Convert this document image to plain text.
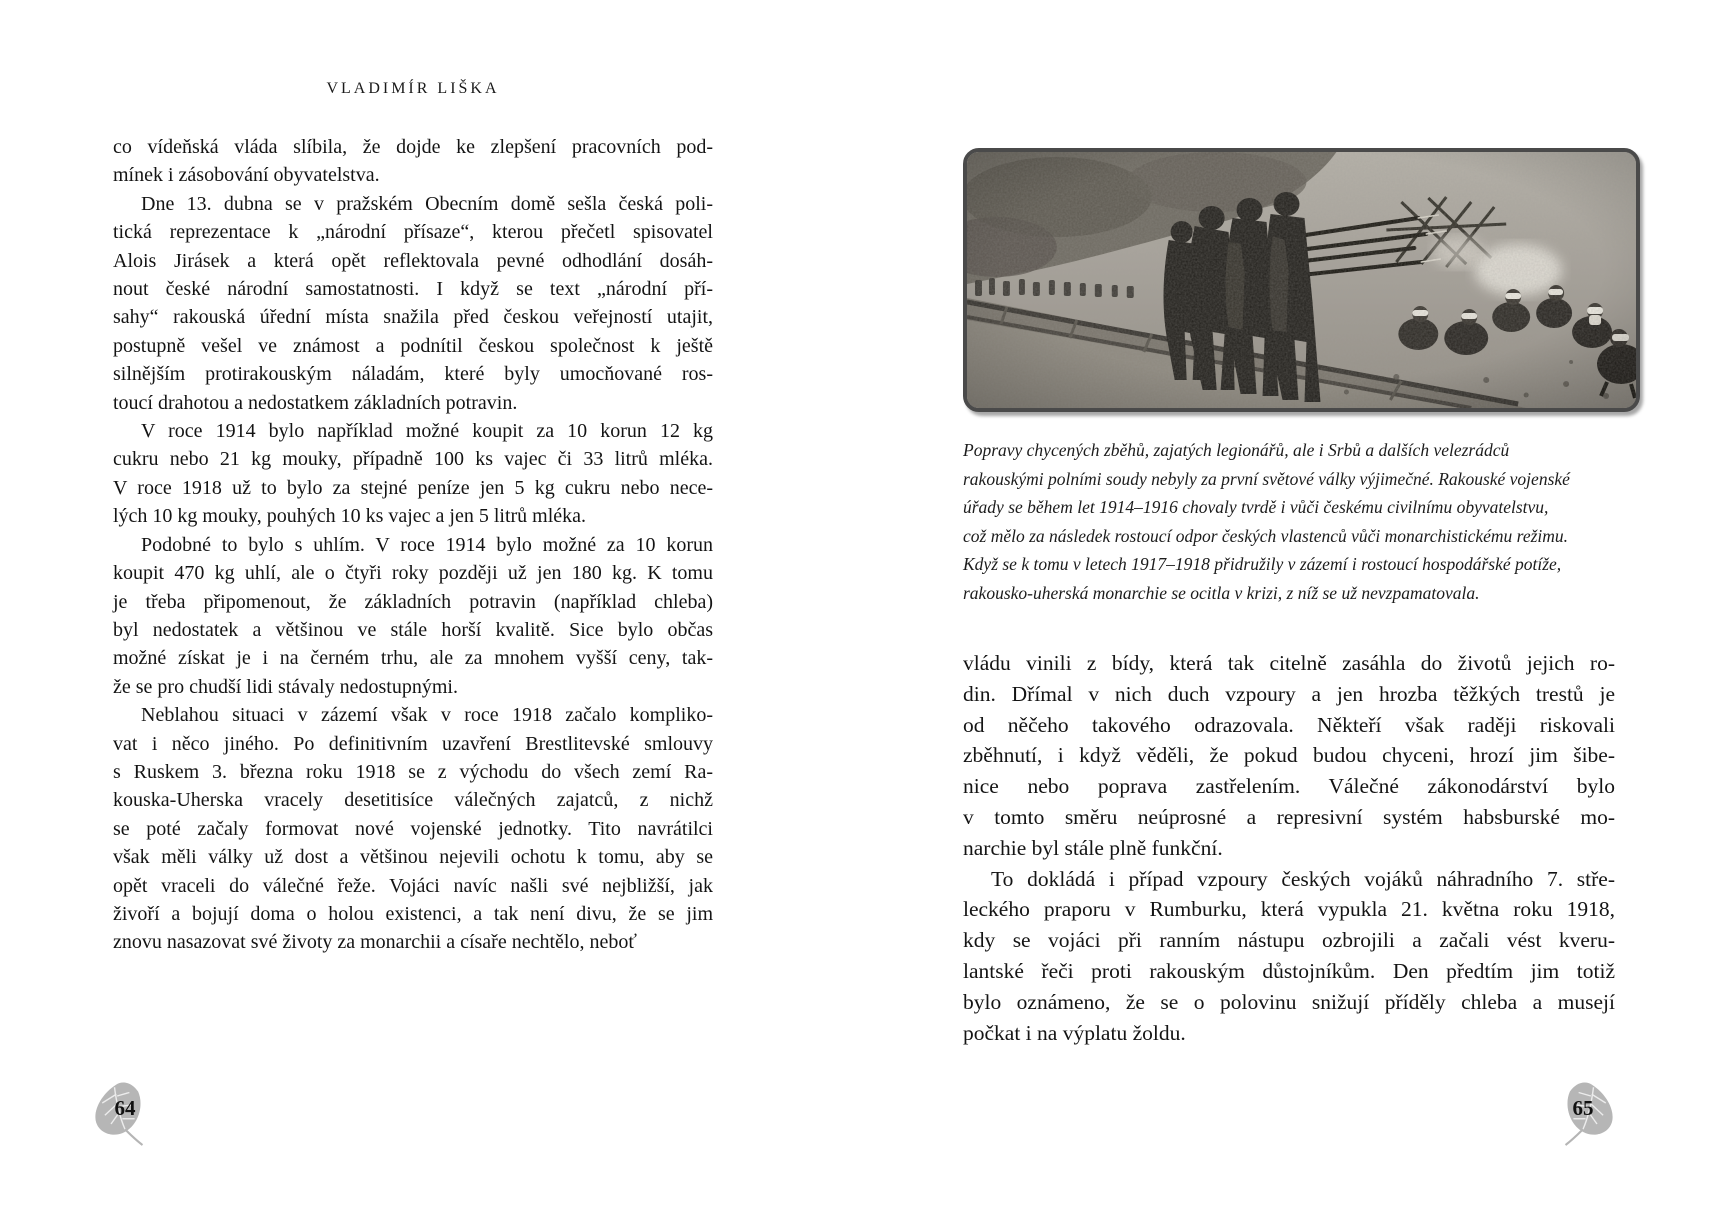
VLADIMÍR LIŠKA
co vídeňská vláda slíbila, že dojde ke zlepšení pracovních pod-
mínek i zásobování obyvatelstva.
Dne 13. dubna se v pražském Obecním domě sešla česká poli-
tická reprezentace k „národní přísaze“, kterou přečetl spisovatel
Alois Jirásek a která opět reflektovala pevné odhodlání dosáh-
nout české národní samostatnosti. I když se text „národní pří-
sahy“ rakouská úřední místa snažila před českou veřejností utajit,
postupně vešel ve známost a podnítil českou společnost k ještě
silnějším protirakouským náladám, které byly umocňované ros-
toucí drahotou a nedostatkem základních potravin.
V roce 1914 bylo například možné koupit za 10 korun 12 kg
cukru nebo 21 kg mouky, případně 100 ks vajec či 33 litrů mléka.
V roce 1918 už to bylo za stejné peníze jen 5 kg cukru nebo nece-
lých 10 kg mouky, pouhých 10 ks vajec a jen 5 litrů mléka.
Podobné to bylo s uhlím. V roce 1914 bylo možné za 10 korun
koupit 470 kg uhlí, ale o čtyři roky později už jen 180 kg. K tomu
je třeba připomenout, že základních potravin (například chleba)
byl nedostatek a většinou ve stále horší kvalitě. Sice bylo občas
možné získat je i na černém trhu, ale za mnohem vyšší ceny, tak-
že se pro chudší lidi stávaly nedostupnými.
Neblahou situaci v zázemí však v roce 1918 začalo kompliko-
vat i něco jiného. Po definitivním uzavření Brestlitevské smlouvy
s Ruskem 3. března roku 1918 se z východu do všech zemí Ra-
kouska-Uherska vracely desetitisíce válečných zajatců, z nichž
se poté začaly formovat nové vojenské jednotky. Tito navrátilci
však měli války už dost a většinou nejevili ochotu k tomu, aby se
opět vraceli do válečné řeže. Vojáci navíc našli své nejbližší, jak
živoří a bojují doma o holou existenci, a tak není divu, že se jim
znovu nasazovat své životy za monarchii a císaře nechtělo, neboť
Popravy chycených zběhů, zajatých legionářů, ale i Srbů a dalších velezrádců
rakouskými polními soudy nebyly za první světové války výjimečné. Rakouské vojenské
úřady se během let 1914–1916 chovaly tvrdě i vůči českému civilnímu obyvatelstvu,
což mělo za následek rostoucí odpor českých vlastenců vůči monarchistickému režimu.
Když se k tomu v letech 1917–1918 přidružily v zázemí i rostoucí hospodářské potíže,
rakousko-uherská monarchie se ocitla v krizi, z níž se už nevzpamatovala.
vládu vinili z bídy, která tak citelně zasáhla do životů jejich ro-
din. Dřímal v nich duch vzpoury a jen hrozba těžkých trestů je
od něčeho takového odrazovala. Někteří však raději riskovali
zběhnutí, i když věděli, že pokud budou chyceni, hrozí jim šibe-
nice nebo poprava zastřelením. Válečné zákonodárství bylo
v tomto směru neúprosné a represivní systém habsburské mo-
narchie byl stále plně funkční.
To dokládá i případ vzpoury českých vojáků náhradního 7. stře-
leckého praporu v Rumburku, která vypukla 21. května roku 1918,
kdy se vojáci při ranním nástupu ozbrojili a začali vést kveru-
lantské řeči proti rakouským důstojníkům. Den předtím jim totiž
bylo oznámeno, že se o polovinu snižují příděly chleba a musejí
počkat i na výplatu žoldu.
64	65
